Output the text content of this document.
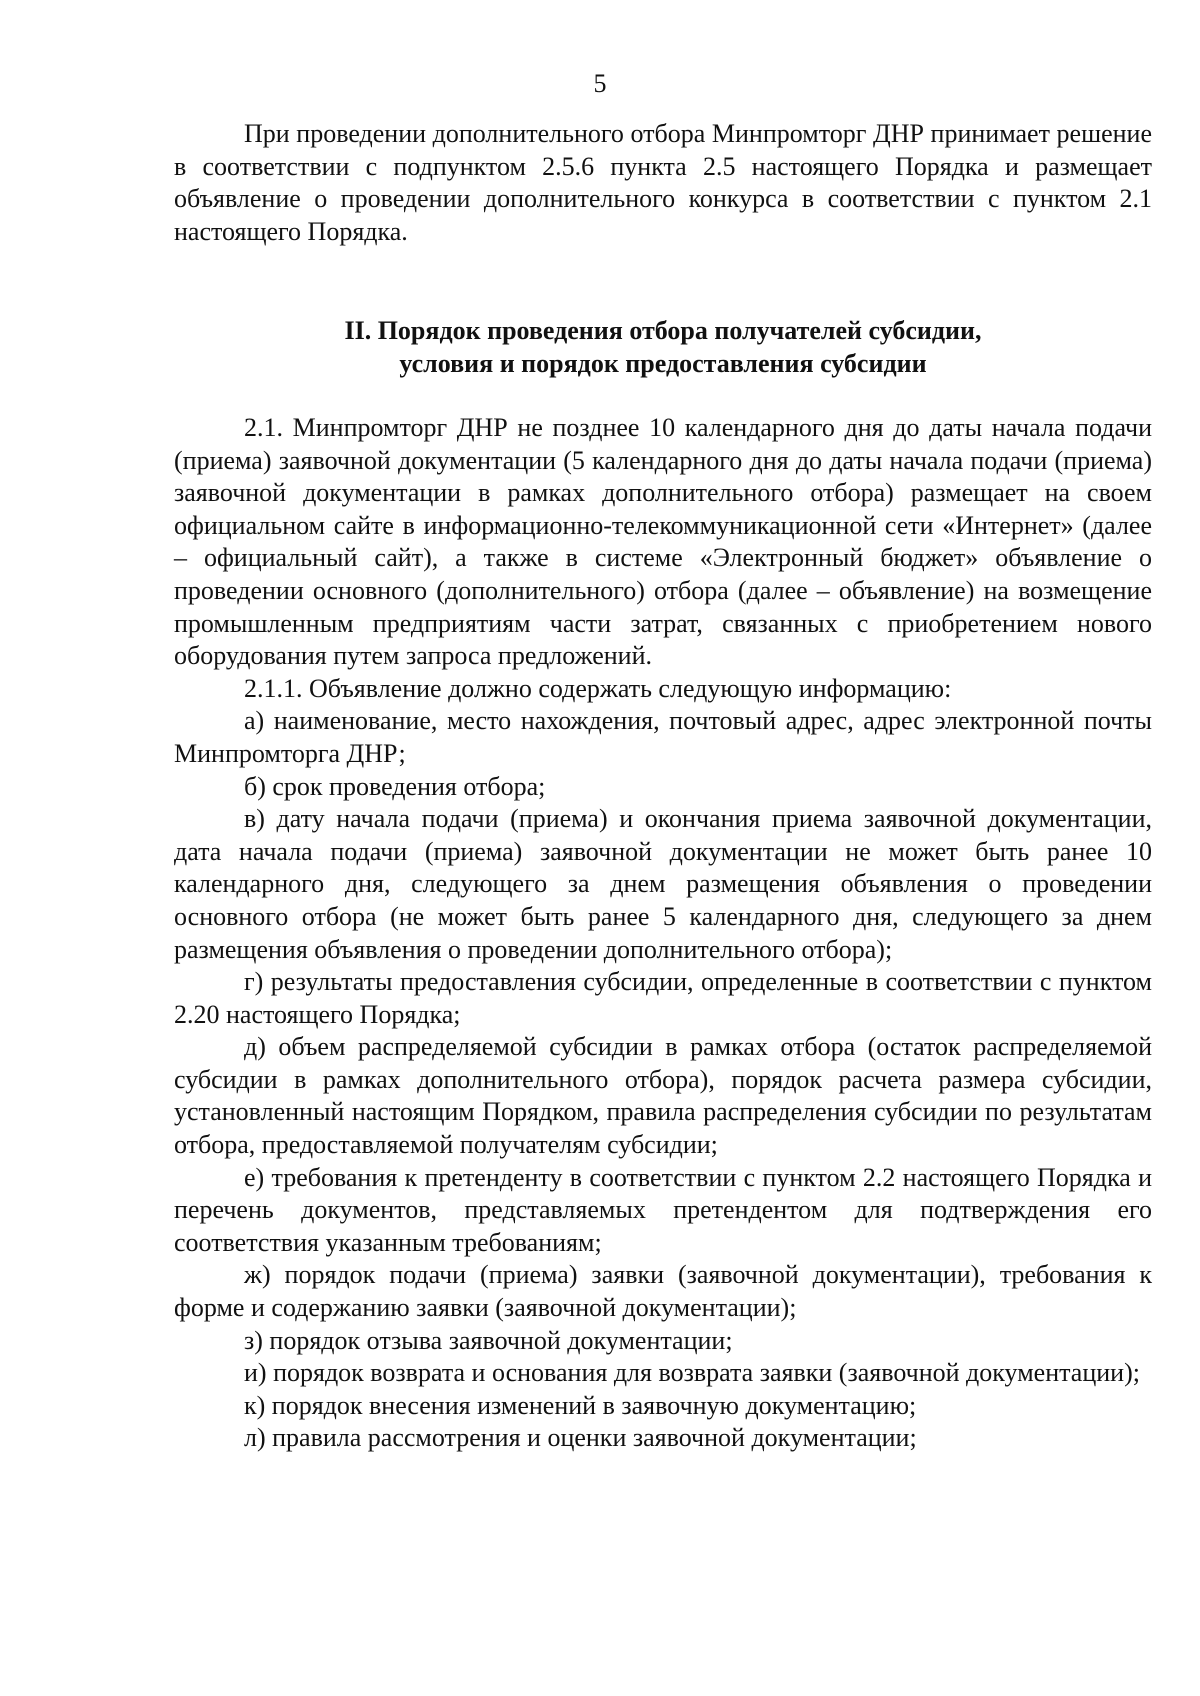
5

При проведении дополнительного отбора Минпромторг ДНР принимает решение в соответствии с подпунктом 2.5.6 пункта 2.5 настоящего Порядка и размещает объявление о проведении дополнительного конкурса в соответствии с пунктом 2.1 настоящего Порядка.

II. Порядок проведения отбора получателей субсидии,
условия и порядок предоставления субсидии

2.1. Минпромторг ДНР не позднее 10 календарного дня до даты начала подачи (приема) заявочной документации (5 календарного дня до даты начала подачи (приема) заявочной документации в рамках дополнительного отбора) размещает на своем официальном сайте в информационно-телекоммуникационной сети «Интернет» (далее – официальный сайт), а также в системе «Электронный бюджет» объявление о проведении основного (дополнительного) отбора (далее – объявление) на возмещение промышленным предприятиям части затрат, связанных с приобретением нового оборудования путем запроса предложений.

2.1.1. Объявление должно содержать следующую информацию:

а) наименование, место нахождения, почтовый адрес, адрес электронной почты Минпромторга ДНР;

б) срок проведения отбора;

в) дату начала подачи (приема) и окончания приема заявочной документации, дата начала подачи (приема) заявочной документации не может быть ранее 10 календарного дня, следующего за днем размещения объявления о проведении основного отбора (не может быть ранее 5 календарного дня, следующего за днем размещения объявления о проведении дополнительного отбора);

г) результаты предоставления субсидии, определенные в соответствии с пунктом 2.20 настоящего Порядка;

д) объем распределяемой субсидии в рамках отбора (остаток распределяемой субсидии в рамках дополнительного отбора), порядок расчета размера субсидии, установленный настоящим Порядком, правила распределения субсидии по результатам отбора, предоставляемой получателям субсидии;

е) требования к претенденту в соответствии с пунктом 2.2 настоящего Порядка и перечень документов, представляемых претендентом для подтверждения его соответствия указанным требованиям;

ж) порядок подачи (приема) заявки (заявочной документации), требования к форме и содержанию заявки (заявочной документации);

з) порядок отзыва заявочной документации;

и) порядок возврата и основания для возврата заявки (заявочной документации);

к) порядок внесения изменений в заявочную документацию;

л) правила рассмотрения и оценки заявочной документации;
